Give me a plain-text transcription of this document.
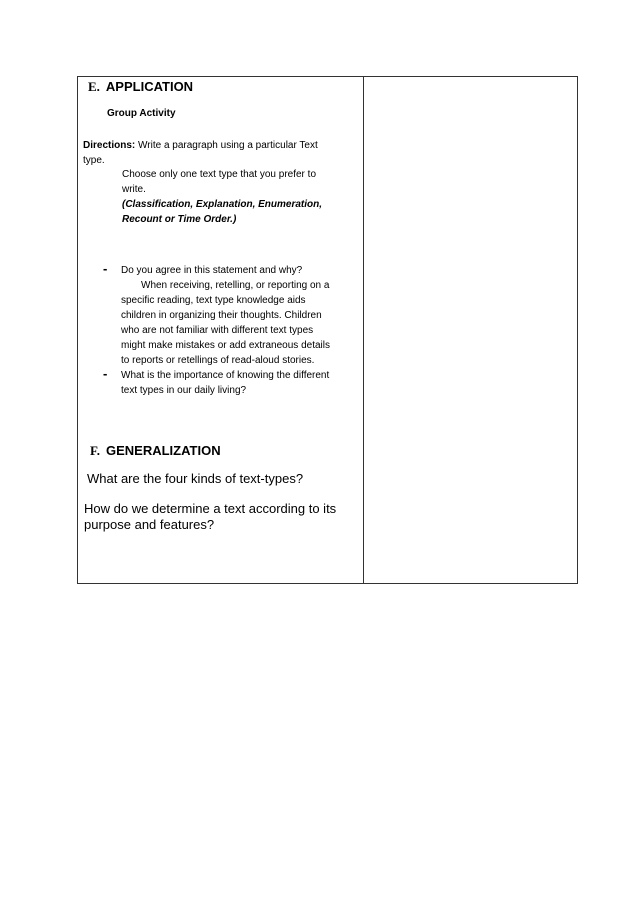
E. APPLICATION
Group Activity
Directions: Write a paragraph using a particular Text
type.
Choose only one text type that you prefer to
write.
(Classification, Explanation, Enumeration,
Recount or Time Order.)
- Do you agree in this statement and why?
When receiving, retelling, or reporting on a
specific reading, text type knowledge aids
children in organizing their thoughts. Children
who are not familiar with different text types
might make mistakes or add extraneous details
to reports or retellings of read-aloud stories.
- What is the importance of knowing the different
text types in our daily living?
F. GENERALIZATION
What are the four kinds of text-types?
How do we determine a text according to its
purpose and features?
